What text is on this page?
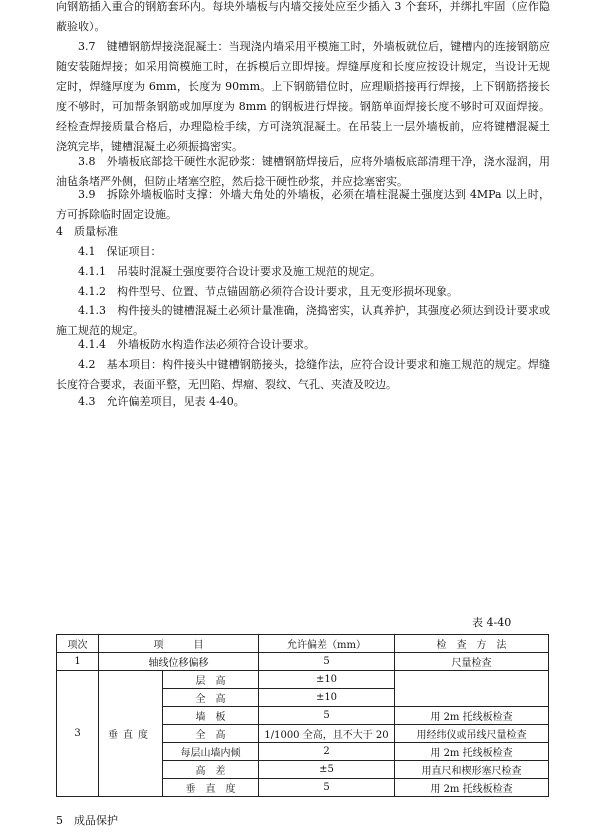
向钢筋插入重合的钢筋套环内。每块外墙板与内墙交接处应至少插入 3 个套环，并绑扎牢固（应作隐蔽验收）。
3.7　键槽钢筋焊接浇混凝土：当现浇内墙采用平模施工时，外墙板就位后，键槽内的连接钢筋应随安装随焊接；如采用筒模施工时，在拆模后立即焊接。焊缝厚度和长度应按设计规定，当设计无规定时，焊缝厚度为 6mm，长度为 90mm。上下钢筋错位时，应理顺搭接再行焊接，上下钢筋搭接长度不够时，可加帮条钢筋或加厚度为 8mm 的钢板进行焊接。钢筋单面焊接长度不够时可双面焊接。经检查焊接质量合格后，办理隐检手续，方可浇筑混凝土。在吊装上一层外墙板前，应将键槽混凝土浇筑完毕，键槽混凝土必须振捣密实。
3.8　外墙板底部捻干硬性水泥砂浆：键槽钢筋焊接后，应将外墙板底部清理干净，浇水湿润，用油毡条堵严外侧，但防止堵塞空腔，然后捻干硬性砂浆，并应捻塞密实。
3.9　拆除外墙板临时支撑：外墙大角处的外墙板，必须在墙柱混凝土强度达到 4MPa 以上时，方可拆除临时固定设施。
4　质量标准
4.1　保证项目：
4.1.1　吊装时混凝土强度要符合设计要求及施工规范的规定。
4.1.2　构件型号、位置、节点锚固筋必须符合设计要求，且无变形损坏现象。
4.1.3　构件接头的键槽混凝土必须计量准确，浇捣密实，认真养护，其强度必须达到设计要求或施工规范的规定。
4.1.4　外墙板防水构造作法必须符合设计要求。
4.2　基本项目：构件接头中键槽钢筋接头，捻缝作法，应符合设计要求和施工规范的规定。焊缝长度符合要求，表面平整，无凹陷、焊瘤、裂纹、气孔、夹渣及咬边。
4.3　允许偏差项目，见表 4-40。
表 4-40
项次	项　　　目		允许偏差（mm）	检　查　方　法
1	轴线位移偏移		5	尺量检查
3	垂直度	层　高	±10	
		全　高	±10	
		墙　板	5	用 2m 托线板检查
		全　高	1/1000 全高，且不大于 20	用经纬仪或吊线尺量检查
		每层山墙内倾	2	用 2m 托线板检查
		高　差	±5	用直尺和楔形塞尺检查
		垂　直　度	5	用 2m 托线板检查
5　成品保护
